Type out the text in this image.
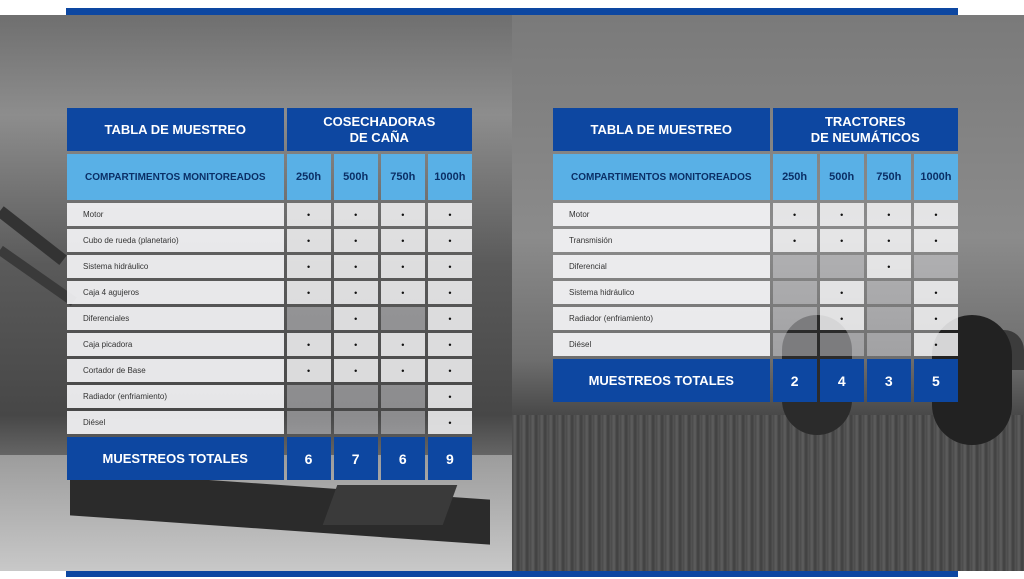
TABLA DE MUESTREO	COSECHADORAS
DE CAÑA			
COMPARTIMENTOS MONITOREADOS	250h	500h	750h	1000h
Motor	•	•	•	•
Cubo de rueda (planetario)	•	•	•	•
Sistema hidráulico	•	•	•	•
Caja 4 agujeros	•	•	•	•
Diferenciales		•		•
Caja picadora	•	•	•	•
Cortador de Base	•	•	•	•
Radiador (enfriamiento)				•
Diésel				•
MUESTREOS TOTALES	6	7	6	9
TABLA DE MUESTREO	TRACTORES
DE NEUMÁTICOS			
COMPARTIMENTOS MONITOREADOS	250h	500h	750h	1000h
Motor	•	•	•	•
Transmisión	•	•	•	•
Diferencial			•	
Sistema hidráulico		•		•
Radiador (enfriamiento)		•		•
Diésel				•
MUESTREOS TOTALES	2	4	3	5
